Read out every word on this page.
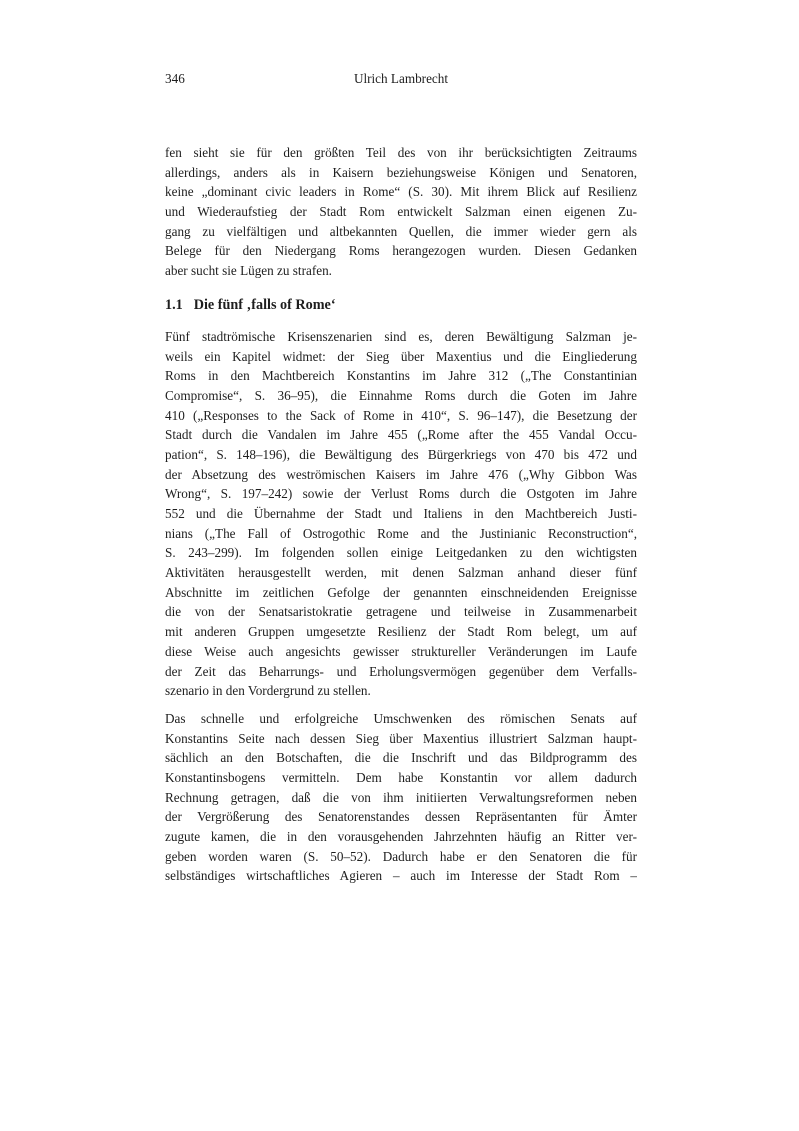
346	Ulrich Lambrecht
fen sieht sie für den größten Teil des von ihr berücksichtigten Zeitraums
allerdings, anders als in Kaisern beziehungsweise Königen und Senatoren,
keine „dominant civic leaders in Rome“ (S. 30). Mit ihrem Blick auf Resilienz
und Wiederaufstieg der Stadt Rom entwickelt Salzman einen eigenen Zu-
gang zu vielfältigen und altbekannten Quellen, die immer wieder gern als
Belege für den Niedergang Roms herangezogen wurden. Diesen Gedanken
aber sucht sie Lügen zu strafen.
1.1 Die fünf ‚falls of Rome‘
Fünf stadtrömische Krisenszenarien sind es, deren Bewältigung Salzman je-
weils ein Kapitel widmet: der Sieg über Maxentius und die Eingliederung
Roms in den Machtbereich Konstantins im Jahre 312 („The Constantinian
Compromise“, S. 36–95), die Einnahme Roms durch die Goten im Jahre
410 („Responses to the Sack of Rome in 410“, S. 96–147), die Besetzung der
Stadt durch die Vandalen im Jahre 455 („Rome after the 455 Vandal Occu-
pation“, S. 148–196), die Bewältigung des Bürgerkriegs von 470 bis 472 und
der Absetzung des weströmischen Kaisers im Jahre 476 („Why Gibbon Was
Wrong“, S. 197–242) sowie der Verlust Roms durch die Ostgoten im Jahre
552 und die Übernahme der Stadt und Italiens in den Machtbereich Justi-
nians („The Fall of Ostrogothic Rome and the Justinianic Reconstruction“,
S. 243–299). Im folgenden sollen einige Leitgedanken zu den wichtigsten
Aktivitäten herausgestellt werden, mit denen Salzman anhand dieser fünf
Abschnitte im zeitlichen Gefolge der genannten einschneidenden Ereignisse
die von der Senatsaristokratie getragene und teilweise in Zusammenarbeit
mit anderen Gruppen umgesetzte Resilienz der Stadt Rom belegt, um auf
diese Weise auch angesichts gewisser struktureller Veränderungen im Laufe
der Zeit das Beharrungs- und Erholungsvermögen gegenüber dem Verfalls-
szenario in den Vordergrund zu stellen.
Das schnelle und erfolgreiche Umschwenken des römischen Senats auf
Konstantins Seite nach dessen Sieg über Maxentius illustriert Salzman haupt-
sächlich an den Botschaften, die die Inschrift und das Bildprogramm des
Konstantinsbogens vermitteln. Dem habe Konstantin vor allem dadurch
Rechnung getragen, daß die von ihm initiierten Verwaltungsreformen neben
der Vergrößerung des Senatorenstandes dessen Repräsentanten für Ämter
zugute kamen, die in den vorausgehenden Jahrzehnten häufig an Ritter ver-
geben worden waren (S. 50–52). Dadurch habe er den Senatoren die für
selbständiges wirtschaftliches Agieren – auch im Interesse der Stadt Rom –
